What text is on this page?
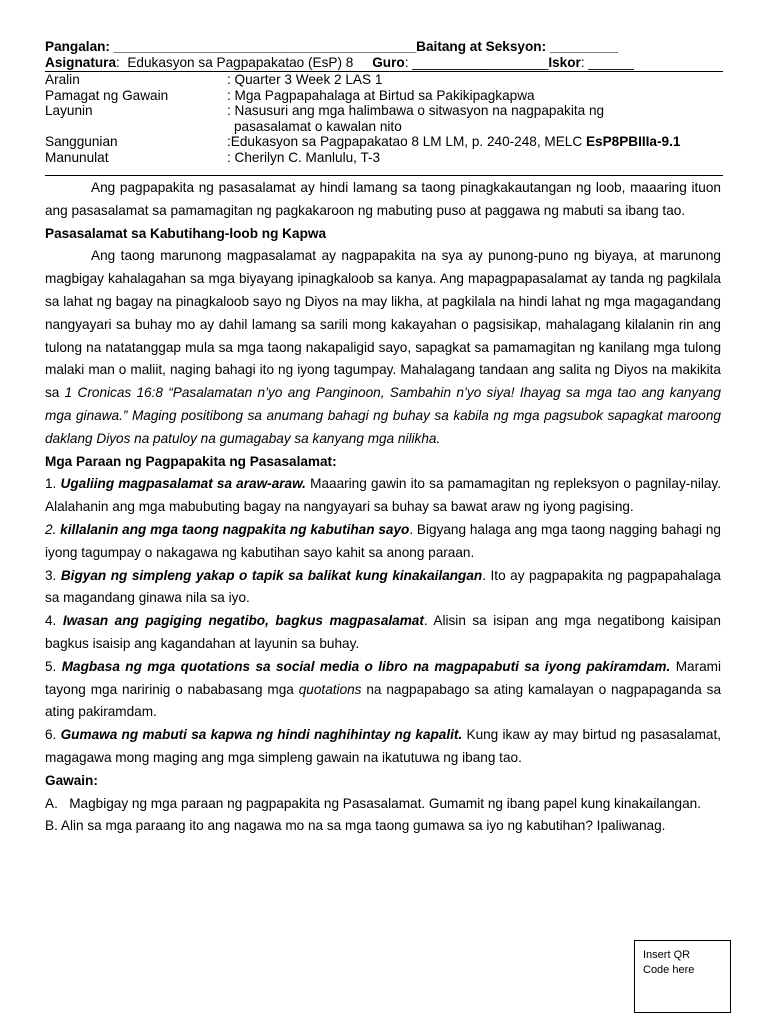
Pangalan: ________________________________________Baitang at Seksyon: _________
Asignatura:  Edukasyon sa Pagpapakatao (EsP) 8 Guro: __________________Iskor: ______
Aralin	: Quarter 3 Week 2 LAS 1
Pamagat ng Gawain	: Mga Pagpapahalaga at Birtud sa Pakikipagkapwa
Layunin	: Nasusuri ang mga halimbawa o sitwasyon na nagpapakita ng
pasasalamat o kawalan nito
Sanggunian	:Edukasyon sa Pagpapakatao 8 LM LM, p. 240-248, MELC EsP8PBIIIa-9.1
Manunulat	: Cherilyn C. Manlulu, T-3

Ang pagpapakita ng pasasalamat ay hindi lamang sa taong pinagkakautangan ng loob, maaaring ituon ang pasasalamat sa pamamagitan ng pagkakaroon ng mabuting puso at paggawa ng mabuti sa ibang tao.

Pasasalamat sa Kabutihang-loob ng Kapwa

Ang taong marunong magpasalamat ay nagpapakita na sya ay punong-puno ng biyaya, at marunong magbigay kahalagahan sa mga biyayang ipinagkaloob sa kanya. Ang mapagpapasalamat ay tanda ng pagkilala sa lahat ng bagay na pinagkaloob sayo ng Diyos na may likha, at pagkilala na hindi lahat ng mga magagandang nangyayari sa buhay mo ay dahil lamang sa sarili mong kakayahan o pagsisikap, mahalagang kilalanin rin ang tulong na natatanggap mula sa mga taong nakapaligid sayo, sapagkat sa pamamagitan ng kanilang mga tulong malaki man o maliit, naging bahagi ito ng iyong tagumpay. Mahalagang tandaan ang salita ng Diyos na makikita sa 1 Cronicas 16:8 “Pasalamatan n’yo ang Panginoon, Sambahin n’yo siya! Ihayag sa mga tao ang kanyang mga ginawa.” Maging positibong sa anumang bahagi ng buhay sa kabila ng mga pagsubok sapagkat maroong daklang Diyos na patuloy na gumagabay sa kanyang mga nilikha.

Mga Paraan ng Pagpapakita ng Pasasalamat:

1. Ugaliing magpasalamat sa araw-araw. Maaaring gawin ito sa pamamagitan ng repleksyon o pagnilay-nilay. Alalahanin ang mga mabubuting bagay na nangyayari sa buhay sa bawat araw ng iyong pagising.

2. killalanin ang mga taong nagpakita ng kabutihan sayo. Bigyang halaga ang mga taong nagging bahagi ng iyong tagumpay o nakagawa ng kabutihan sayo kahit sa anong paraan.

3. Bigyan ng simpleng yakap o tapik sa balikat kung kinakailangan. Ito ay pagpapakita ng pagpapahalaga sa magandang ginawa nila sa iyo.

4. Iwasan ang pagiging negatibo, bagkus magpasalamat. Alisin sa isipan ang mga negatibong kaisipan bagkus isaisip ang kagandahan at layunin sa buhay.

5. Magbasa ng mga quotations sa social media o libro na magpapabuti sa iyong pakiramdam. Marami tayong mga naririnig o nababasang mga quotations na nagpapabago sa ating kamalayan o nagpapaganda sa ating pakiramdam.

6. Gumawa ng mabuti sa kapwa ng hindi naghihintay ng kapalit. Kung ikaw ay may birtud ng pasasalamat, magagawa mong maging ang mga simpleng gawain na ikatutuwa ng ibang tao.

Gawain:

A. Magbigay ng mga paraan ng pagpapakita ng Pasasalamat. Gumamit ng ibang papel kung kinakailangan.

B. Alin sa mga paraang ito ang nagawa mo na sa mga taong gumawa sa iyo ng kabutihan? Ipaliwanag.

Insert QR
Code here
